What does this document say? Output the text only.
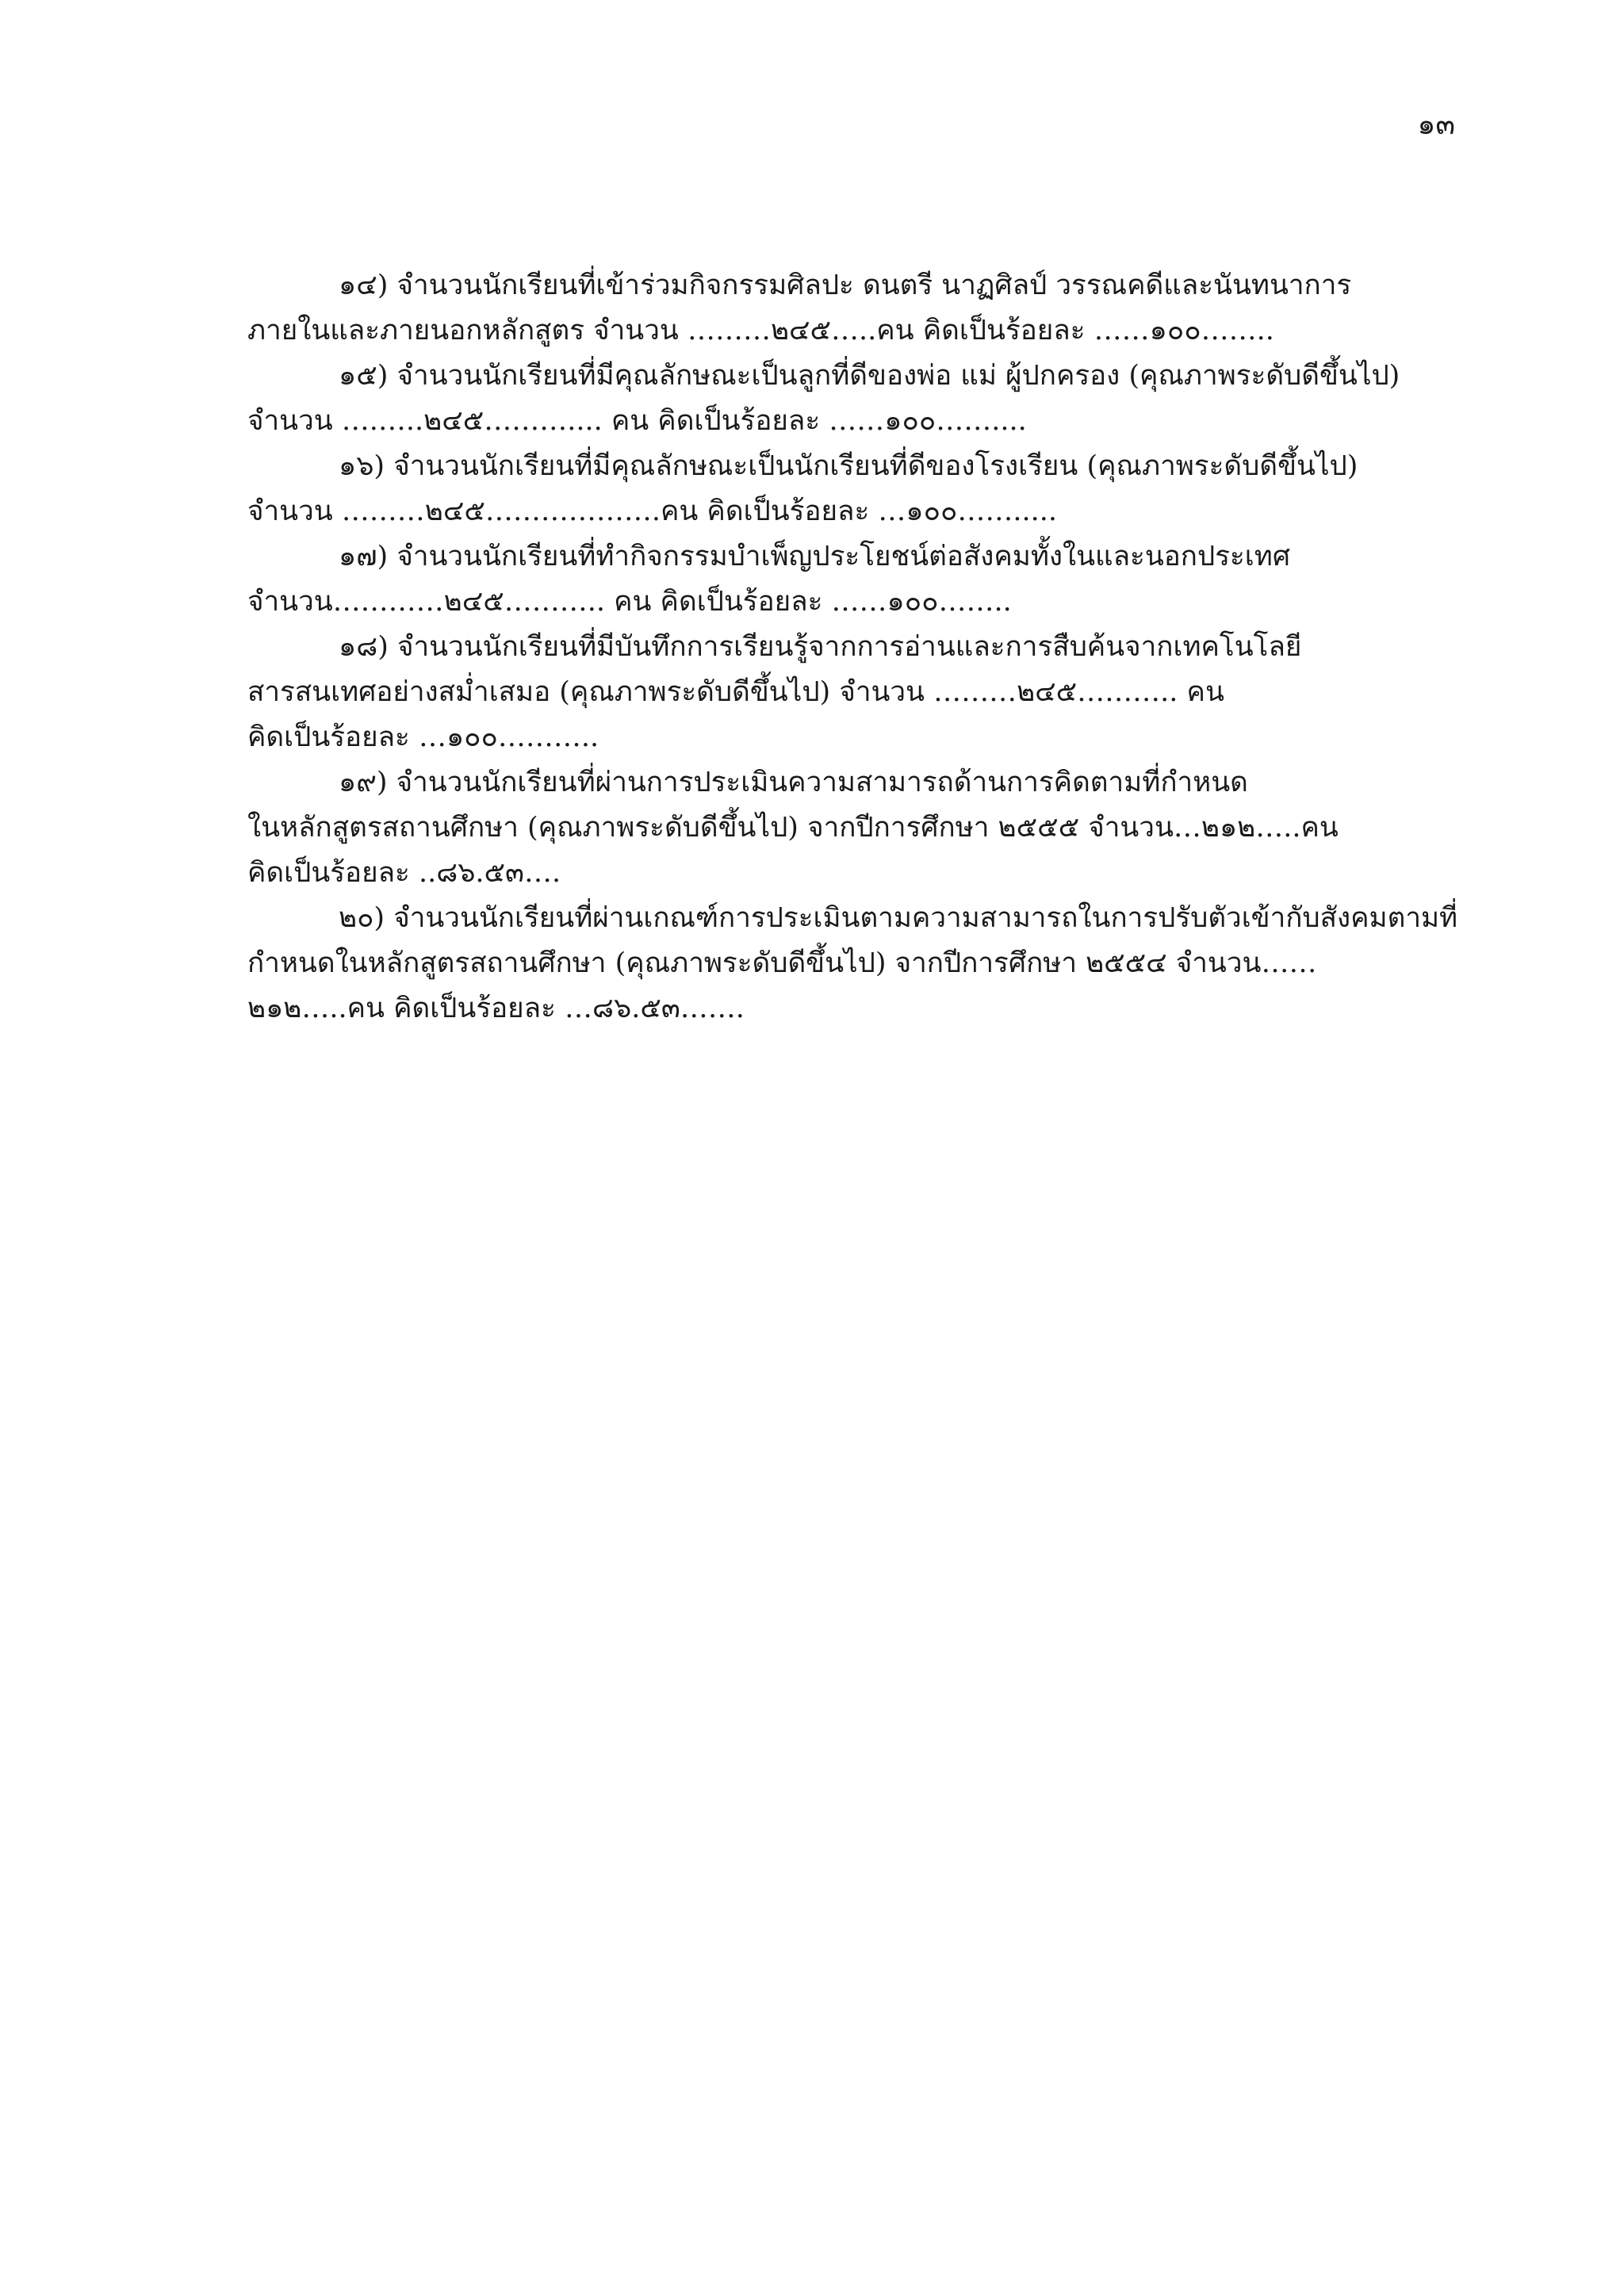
๑๓
๑๔) จำนวนนักเรียนที่เข้าร่วมกิจกรรมศิลปะ ดนตรี นาฏศิลป์ วรรณคดีและนันทนาการ
ภายในและภายนอกหลักสูตร จำนวน ………๒๔๕…..คน คิดเป็นร้อยละ ……๑๐๐……..
๑๕) จำนวนนักเรียนที่มีคุณลักษณะเป็นลูกที่ดีของพ่อ แม่ ผู้ปกครอง (คุณภาพระดับดีขึ้นไป)
จำนวน ….…..๒๔๕……….... คน คิดเป็นร้อยละ ……๑๐๐……....
๑๖) จำนวนนักเรียนที่มีคุณลักษณะเป็นนักเรียนที่ดีของโรงเรียน (คุณภาพระดับดีขึ้นไป)
จำนวน ………๒๔๕……………….คน คิดเป็นร้อยละ …๑๐๐…….....
๑๗) จำนวนนักเรียนที่ทำกิจกรรมบำเพ็ญประโยชน์ต่อสังคมทั้งในและนอกประเทศ
จำนวน…………๒๔๕……….. คน คิดเป็นร้อยละ ……๑๐๐……..
๑๘) จำนวนนักเรียนที่มีบันทึกการเรียนรู้จากการอ่านและการสืบค้นจากเทคโนโลยี
สารสนเทศอย่างสม่ำเสมอ (คุณภาพระดับดีขึ้นไป) จำนวน ………๒๔๕……….. คน
คิดเป็นร้อยละ …๑๐๐………..
๑๙) จำนวนนักเรียนที่ผ่านการประเมินความสามารถด้านการคิดตามที่กำหนด
ในหลักสูตรสถานศึกษา (คุณภาพระดับดีขึ้นไป) จากปีการศึกษา ๒๕๕๕ จำนวน…๒๑๒…..คน
คิดเป็นร้อยละ ..๘๖.๕๓….
๒๐) จำนวนนักเรียนที่ผ่านเกณฑ์การประเมินตามความสามารถในการปรับตัวเข้ากับสังคมตามที่
กำหนดในหลักสูตรสถานศึกษา (คุณภาพระดับดีขึ้นไป) จากปีการศึกษา ๒๕๕๔ จำนวน……
๒๑๒…..คน คิดเป็นร้อยละ …๘๖.๕๓…….
